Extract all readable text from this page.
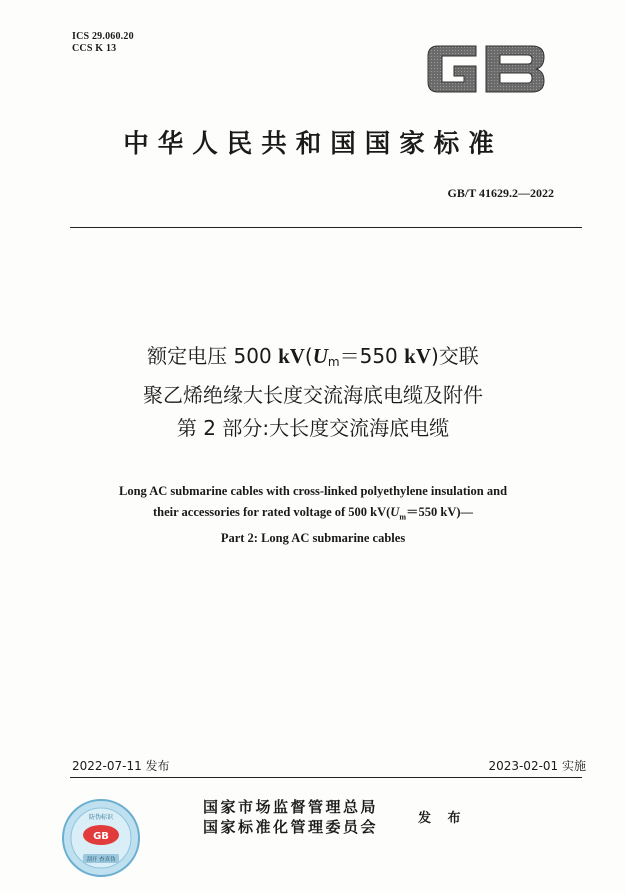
ICS 29.060.20
CCS K 13
中华人民共和国国家标准
GB/T 41629.2—2022
额定电压 500 $kV(U_m=550$ kV)交联
聚乙烯绝缘大长度交流海底电缆及附件
第 2 部分:大长度交流海底电缆
Long AC submarine cables with cross-linked polyethylene insulation and
their accessories for rated voltage of 500 $kV(U_m=550$ kV)—
Part 2: Long AC submarine cables
2022-07-11 发布	2023-02-01 实施
GB
防伪标识
刮开 查真伪
国家市场监督管理总局
国家标准化管理委员会	发 布
